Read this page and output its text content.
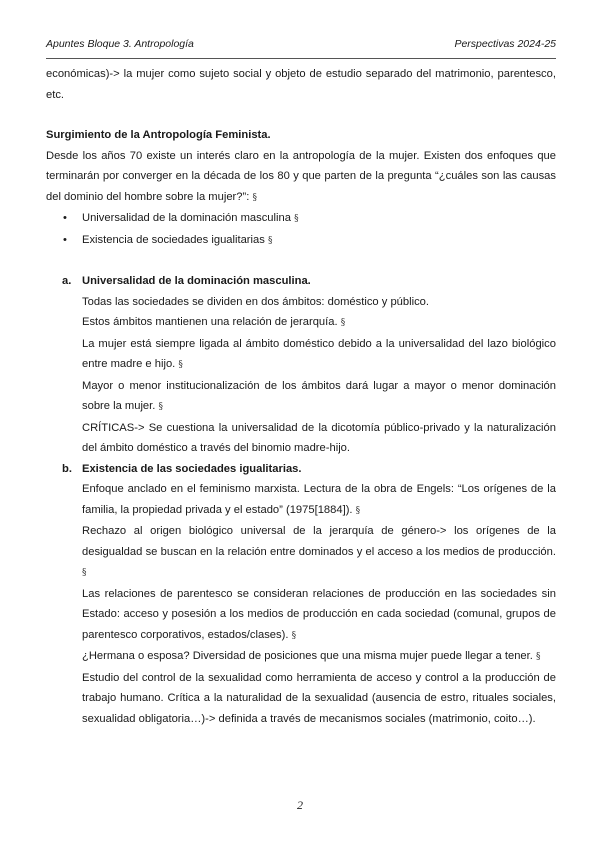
Apuntes Bloque 3. Antropología	Perspectivas 2024-25

económicas)-> la mujer como sujeto social y objeto de estudio separado del matrimonio, parentesco, etc.

Surgimiento de la Antropología Feminista.

Desde los años 70 existe un interés claro en la antropología de la mujer. Existen dos enfoques que terminarán por converger en la década de los 80 y que parten de la pregunta “¿cuáles son las causas del dominio del hombre sobre la mujer?”: §

• Universalidad de la dominación masculina §
• Existencia de sociedades igualitarias §
a. Universalidad de la dominación masculina.

Todas las sociedades se dividen en dos ámbitos: doméstico y público.

Estos ámbitos mantienen una relación de jerarquía. §

La mujer está siempre ligada al ámbito doméstico debido a la universalidad del lazo biológico entre madre e hijo. §

Mayor o menor institucionalización de los ámbitos dará lugar a mayor o menor dominación sobre la mujer. §

CRÍTICAS-> Se cuestiona la universalidad de la dicotomía público-privado y la naturalización del ámbito doméstico a través del binomio madre-hijo.

b. Existencia de las sociedades igualitarias.

Enfoque anclado en el feminismo marxista. Lectura de la obra de Engels: “Los orígenes de la familia, la propiedad privada y el estado” (1975[1884]). §

Rechazo al origen biológico universal de la jerarquía de género-> los orígenes de la desigualdad se buscan en la relación entre dominados y el acceso a los medios de producción. §

Las relaciones de parentesco se consideran relaciones de producción en las sociedades sin Estado: acceso y posesión a los medios de producción en cada sociedad (comunal, grupos de parentesco corporativos, estados/clases). §

¿Hermana o esposa? Diversidad de posiciones que una misma mujer puede llegar a tener. §

Estudio del control de la sexualidad como herramienta de acceso y control a la producción de trabajo humano. Crítica a la naturalidad de la sexualidad (ausencia de estro, rituales sociales, sexualidad obligatoria…)-> definida a través de mecanismos sociales (matrimonio, coito…).

2
